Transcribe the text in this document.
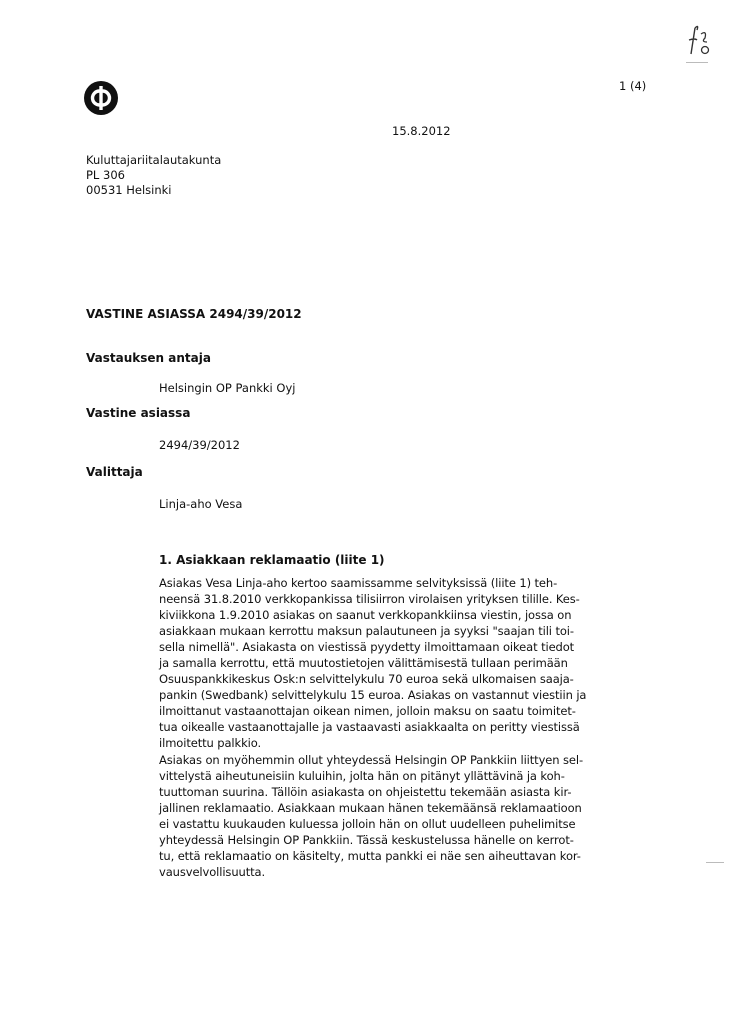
1 (4)

15.8.2012

Kuluttajariitalautakunta
PL 306
00531 Helsinki

VASTINE ASIASSA 2494/39/2012

Vastauksen antaja

Helsingin OP Pankki Oyj

Vastine asiassa

2494/39/2012

Valittaja

Linja-aho Vesa

1. Asiakkaan reklamaatio (liite 1)

Asiakas Vesa Linja-aho kertoo saamissamme selvityksissä (liite 1) teh-
neensä 31.8.2010 verkkopankissa tilisiirron virolaisen yrityksen tilille. Kes-
kiviikkona 1.9.2010 asiakas on saanut verkkopankkiinsa viestin, jossa on
asiakkaan mukaan kerrottu maksun palautuneen ja syyksi "saajan tili toi-
sella nimellä". Asiakasta on viestissä pyydetty ilmoittamaan oikeat tiedot
ja samalla kerrottu, että muutostietojen välittämisestä tullaan perimään
Osuuspankkikeskus Osk:n selvittelykulu 70 euroa sekä ulkomaisen saaja-
pankin (Swedbank) selvittelykulu 15 euroa. Asiakas on vastannut viestiin ja
ilmoittanut vastaanottajan oikean nimen, jolloin maksu on saatu toimitet-
tua oikealle vastaanottajalle ja vastaavasti asiakkaalta on peritty viestissä
ilmoitettu palkkio.
Asiakas on myöhemmin ollut yhteydessä Helsingin OP Pankkiin liittyen sel-
vittelystä aiheutuneisiin kuluihin, jolta hän on pitänyt yllättävinä ja koh-
tuuttoman suurina. Tällöin asiakasta on ohjeistettu tekemään asiasta kir-
jallinen reklamaatio. Asiakkaan mukaan hänen tekemäänsä reklamaatioon
ei vastattu kuukauden kuluessa jolloin hän on ollut uudelleen puhelimitse
yhteydessä Helsingin OP Pankkiin. Tässä keskustelussa hänelle on kerrot-
tu, että reklamaatio on käsitelty, mutta pankki ei näe sen aiheuttavan kor-
vausvelvollisuutta.
